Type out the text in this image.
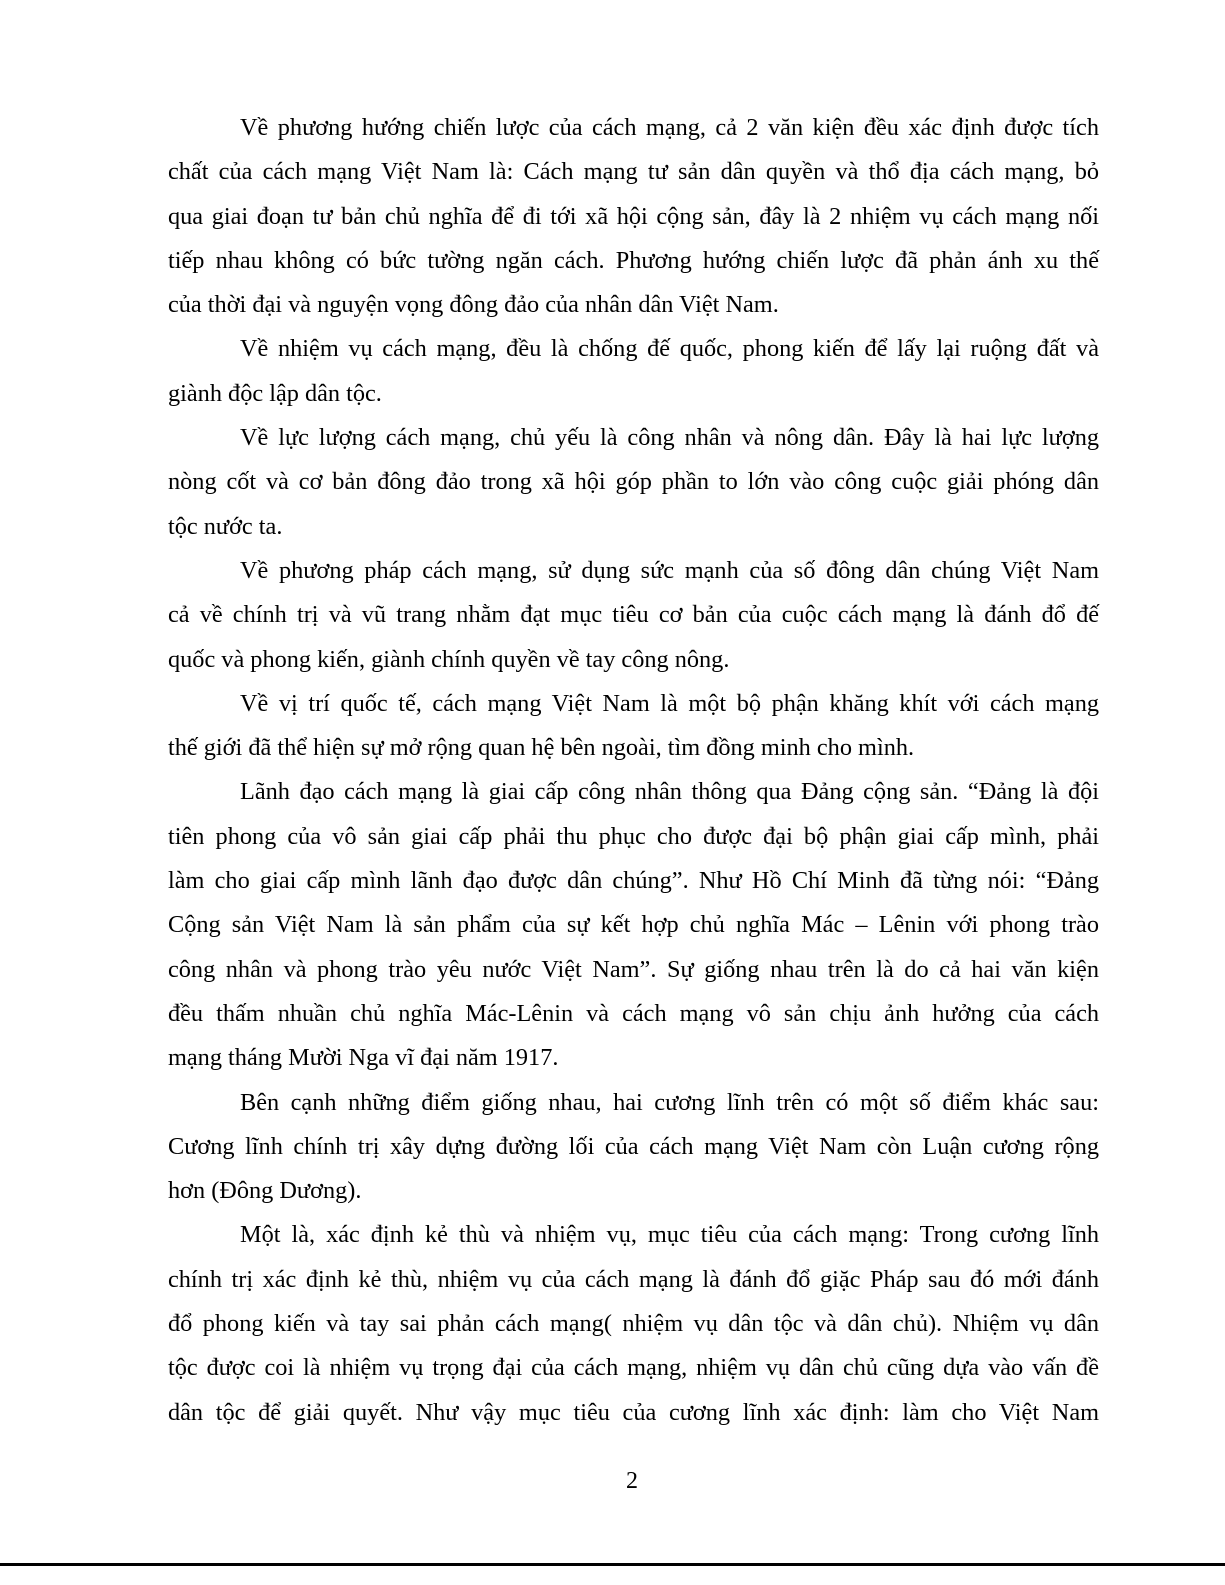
Về phương hướng chiến lược của cách mạng, cả 2 văn kiện đều xác định được tích
chất của cách mạng Việt Nam là: Cách mạng tư sản dân quyền và thổ địa cách mạng, bỏ
qua giai đoạn tư bản chủ nghĩa để đi tới xã hội cộng sản, đây là 2 nhiệm vụ cách mạng nối
tiếp nhau không có bức tường ngăn cách. Phương hướng chiến lược đã phản ánh xu thế
của thời đại và nguyện vọng đông đảo của nhân dân Việt Nam.
Về nhiệm vụ cách mạng, đều là chống đế quốc, phong kiến để lấy lại ruộng đất và
giành độc lập dân tộc.
Về lực lượng cách mạng, chủ yếu là công nhân và nông dân. Đây là hai lực lượng
nòng cốt và cơ bản đông đảo trong xã hội góp phần to lớn vào công cuộc giải phóng dân
tộc nước ta.
Về phương pháp cách mạng, sử dụng sức mạnh của số đông dân chúng Việt Nam
cả về chính trị và vũ trang nhằm đạt mục tiêu cơ bản của cuộc cách mạng là đánh đổ đế
quốc và phong kiến, giành chính quyền về tay công nông.
Về vị trí quốc tế, cách mạng Việt Nam là một bộ phận khăng khít với cách mạng
thế giới đã thể hiện sự mở rộng quan hệ bên ngoài, tìm đồng minh cho mình.
Lãnh đạo cách mạng là giai cấp công nhân thông qua Đảng cộng sản. “Đảng là đội
tiên phong của vô sản giai cấp phải thu phục cho được đại bộ phận giai cấp mình, phải
làm cho giai cấp mình lãnh đạo được dân chúng”. Như Hồ Chí Minh đã từng nói: “Đảng
Cộng sản Việt Nam là sản phẩm của sự kết hợp chủ nghĩa Mác – Lênin với phong trào
công nhân và phong trào yêu nước Việt Nam”. Sự giống nhau trên là do cả hai văn kiện
đều thấm nhuần chủ nghĩa Mác-Lênin và cách mạng vô sản chịu ảnh hưởng của cách
mạng tháng Mười Nga vĩ đại năm 1917.
Bên cạnh những điểm giống nhau, hai cương lĩnh trên có một số điểm khác sau:
Cương lĩnh chính trị xây dựng đường lối của cách mạng Việt Nam còn Luận cương rộng
hơn (Đông Dương).
Một là, xác định kẻ thù và nhiệm vụ, mục tiêu của cách mạng: Trong cương lĩnh
chính trị xác định kẻ thù, nhiệm vụ của cách mạng là đánh đổ giặc Pháp sau đó mới đánh
đổ phong kiến và tay sai phản cách mạng( nhiệm vụ dân tộc và dân chủ). Nhiệm vụ dân
tộc được coi là nhiệm vụ trọng đại của cách mạng, nhiệm vụ dân chủ cũng dựa vào vấn đề
dân tộc để giải quyết. Như vậy mục tiêu của cương lĩnh xác định: làm cho Việt Nam
2
